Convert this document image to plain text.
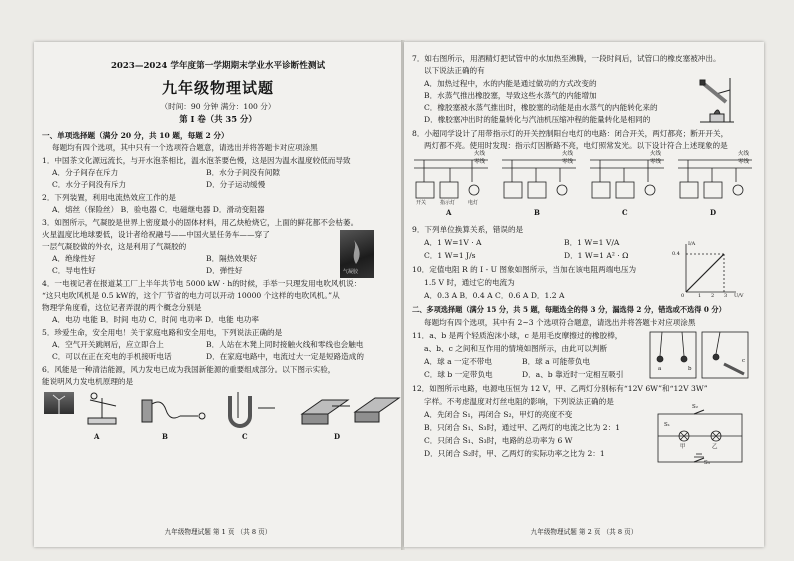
2023—2024 学年度第一学期期末学业水平诊断性测试
九年级物理试题
（时间：90 分钟 满分：100 分）
第 Ⅰ 卷（共 35 分）
一、单项选择题（满分 20 分，共 10 题，每题 2 分）
每题均有四个选项，其中只有一个选项符合题意，请选出并将答题卡对应项涂黑
1．中国茶文化源远流长，与开水泡茶相比，温水泡茶要色慢，这是因为温水温度较低而导致
A．分子间存在斥力	B．水分子间没有间隙
C．水分子间没有斥力	D．分子运动缓慢
2．下列装置，利用电流热效应工作的是
A．熔丝（保险丝） B．验电器 C．电磁继电器 D．滑动变阻器
3．如图所示，气凝胶是世界上密度最小的固体材料，用乙炔枪烧它，上面的鲜花都不会枯萎。
火星温度比地球要低，设计者给祝融号——中国火星任务车——穿了
一层气凝胶做的外衣，这是利用了气凝胶的
A．绝缘性好	B．隔热效果好
C．导电性好	D．弹性好	气凝胶
4．一电视记者在报道某工厂上半年共节电 5000 kW · h的时候，手举一只理发用电吹风机说：
“这只电吹风机是 0.5 kW的，这个厂节省的电力可以开动 10000 个这样的电吹风机。”从
物理学角度看，这位记者弄混的两个概念分别是
A．电功 电能 B．时间 电功 C．时间 电功率 D．电能 电功率
5．珍爱生命，安全用电！关于家庭电路和安全用电，下列说法正确的是
A．空气开关跳闸后，应立即合上	B．人站在木凳上同时接触火线和零线也会触电
C．可以在正在充电的手机接听电话	D．在家庭电路中，电流过大一定是短路造成的
6．风能是一种清洁能源，风力发电已成为我国新能源的重要组成部分。以下图示实验，
能说明风力发电机原理的是
A	B	C	D
九年级物理试题 第 1 页 （共 8 页）
7．如右图所示，用酒精灯把试管中的水加热至沸腾，一段时间后，试管口的橡皮塞被冲出。
以下说法正确的有
A．加热过程中，水的内能是通过做功的方式改变的
B．水蒸气推出橡胶塞，导致这些水蒸气的内能增加
C．橡胶塞被水蒸气推出时，橡胶塞的动能是由水蒸气的内能转化来的
D．橡胶塞冲出时的能量转化与汽油机压缩冲程的能量转化是相同的
8．小超同学设计了用带指示灯的开关控制阳台电灯的电路：闭合开关，两灯都亮；断开开关，
两灯都不亮。使用时发现：指示灯因断路不亮，电灯照常发光。以下设计符合上述现象的是
火线
零线
火线
零线
火线
零线
火线
零线
开关	指示灯	电灯
A	B	C	D
9．下列单位换算关系，错误的是
A．1 W=1V · A	B．1 W=1 V/A
C．1 W=1 J/s	D．1 W=1 A² · Ω
10．定值电阻 R 的 I - U 图象如图所示，当加在该电阻两端电压为
1.5 V 时，通过它的电流为
A．0.3 A B．0.4 A C．0.6 A D．1.2 A
I/A
0.4
0	1 2 3 U/V
二、多项选择题（满分 15 分，共 5 题，每题选全的得 3 分，漏选得 2 分，错选或不选得 0 分）
每题均有四个选项，其中有 2~3 个选项符合题意，请选出并将答题卡对应项涂黑
11．a、b 是两个轻质泡沫小球，c 是用毛皮摩擦过的橡胶棒，
a、b、c 之间和互作用的情境如图所示，由此可以判断
A．球 a 一定不带电	B．球 a 可能带负电
C．球 b 一定带负电	D．a、b 靠近时一定相互吸引
a	b
c
12．如图所示电路，电源电压恒为 12 V，甲、乙两灯分别标有“12V 6W”和“12V 3W”
字样。不考虑温度对灯丝电阻的影响，下列说法正确的是
A．先闭合 S₁，再闭合 S₂，甲灯的亮度不变
B．只闭合 S₁、S₃时，通过甲、乙两灯的电流之比为 2：1
C．只闭合 S₁、S₃时，电路的总功率为 6 W
D．只闭合 S₂时，甲、乙两灯的实际功率之比为 2：1
S₂
S₁
甲	乙
S₃
九年级物理试题 第 2 页 （共 8 页）
